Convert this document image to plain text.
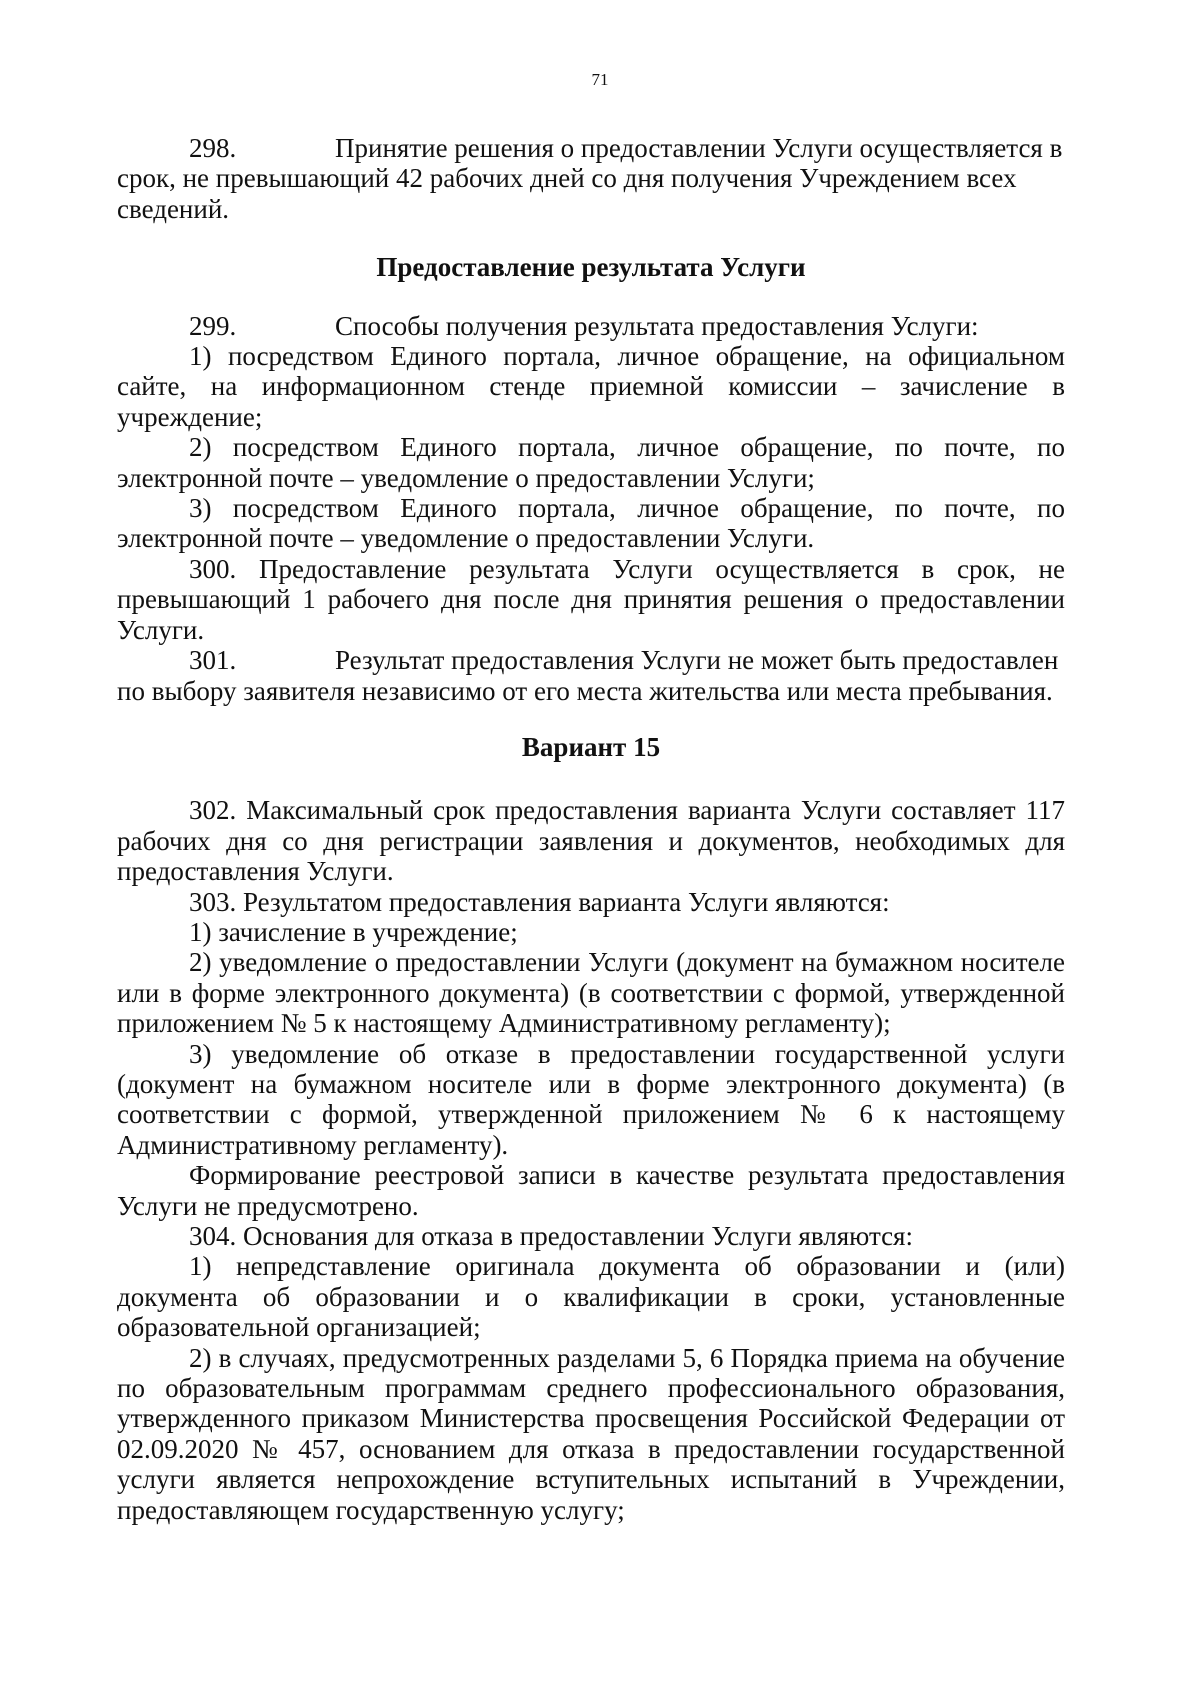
71

298.	Принятие решения о предоставлении Услуги осуществляется в срок, не превышающий 42 рабочих дней со дня получения Учреждением всех сведений.

Предоставление результата Услуги

299.	Способы получения результата предоставления Услуги:

1) посредством Единого портала, личное обращение, на официальном сайте, на информационном стенде приемной комиссии – зачисление в учреждение;

2) посредством Единого портала, личное обращение, по почте, по электронной почте – уведомление о предоставлении Услуги;

3) посредством Единого портала, личное обращение, по почте, по электронной почте – уведомление о предоставлении Услуги.

300. Предоставление результата Услуги осуществляется в срок, не превышающий 1 рабочего дня после дня принятия решения о предоставлении Услуги.

301.	Результат предоставления Услуги не может быть предоставлен по выбору заявителя независимо от его места жительства или места пребывания.

Вариант 15

302. Максимальный срок предоставления варианта Услуги составляет 117 рабочих дня со дня регистрации заявления и документов, необходимых для предоставления Услуги.

303. Результатом предоставления варианта Услуги являются:

1) зачисление в учреждение;

2) уведомление о предоставлении Услуги (документ на бумажном носителе или в форме электронного документа) (в соответствии с формой, утвержденной приложением № 5 к настоящему Административному регламенту);

3) уведомление об отказе в предоставлении государственной услуги (документ на бумажном носителе или в форме электронного документа) (в соответствии с формой, утвержденной приложением № 6 к настоящему Административному регламенту).

Формирование реестровой записи в качестве результата предоставления Услуги не предусмотрено.

304. Основания для отказа в предоставлении Услуги являются:

1) непредставление оригинала документа об образовании и (или) документа об образовании и о квалификации в сроки, установленные образовательной организацией;

2) в случаях, предусмотренных разделами 5, 6 Порядка приема на обучение по образовательным программам среднего профессионального образования, утвержденного приказом Министерства просвещения Российской Федерации от 02.09.2020 № 457, основанием для отказа в предоставлении государственной услуги является непрохождение вступительных испытаний в Учреждении, предоставляющем государственную услугу;
